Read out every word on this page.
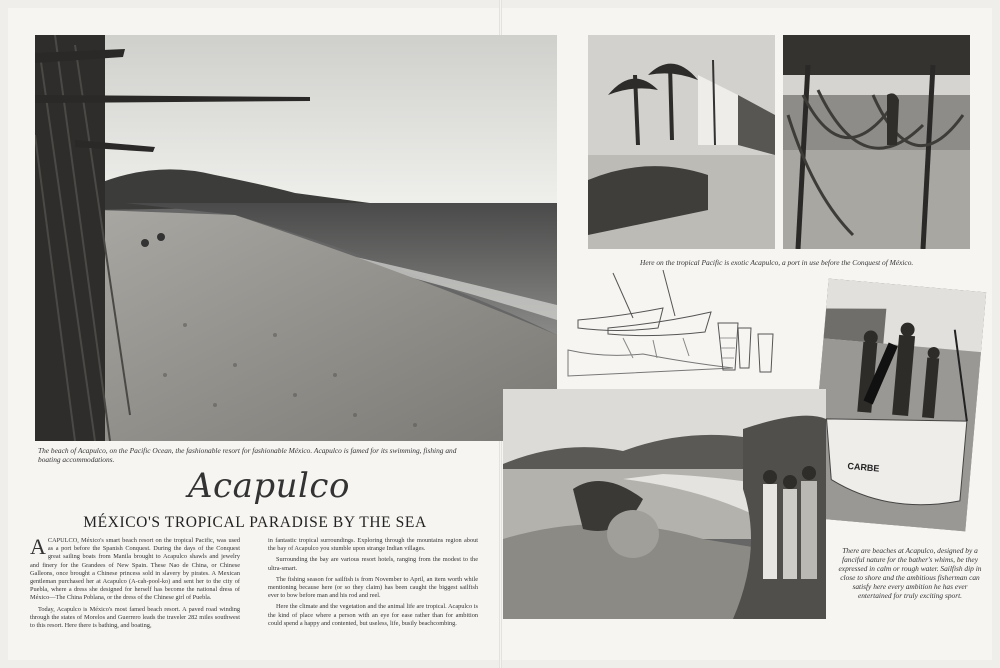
The beach of Acapulco, on the Pacific Ocean, the fashionable resort for fashionable México. Acapulco is famed for its swimming, fishing and boating accommodations.
Here on the tropical Pacific is exotic Acapulco, a port in use before the Conquest of México.
CARBE
There are beaches at Acapulco, designed by a fanciful nature for the bather's whims, be they expressed in calm or rough water. Sailfish dip in close to shore and the ambitious fisherman can satisfy here every ambition he has ever entertained for truly exciting sport.
Acapulco
MÉXICO'S TROPICAL PARADISE BY THE SEA

ACAPULCO, México's smart beach resort on the tropical Pacific, was used as a port before the Spanish Conquest. During the days of the Conquest great sailing boats from Manila brought to Acapulco shawls and jewelry and finery for the Grandees of New Spain. These Nao de China, or Chinese Galleons, once brought a Chinese princess sold in slavery by pirates. A Mexican gentleman purchased her at Acapulco (A-cah-pool-ko) and sent her to the city of Puebla, where a dress she designed for herself has become the national dress of México—The China Poblana, or the dress of the Chinese girl of Puebla.

Today, Acapulco is México's most famed beach resort. A paved road winding through the states of Morelos and Guerrero leads the traveler 282 miles southwest to this resort. Here there is bathing, and boating,

in fantastic tropical surroundings. Exploring through the mountains region about the bay of Acapulco you stumble upon strange Indian villages.

Surrounding the bay are various resort hotels, ranging from the modest to the ultra-smart.

The fishing season for sailfish is from November to April, an item worth while mentioning because here (or so they claim) has been caught the biggest sailfish ever to bow before man and his rod and reel.

Here the climate and the vegetation and the animal life are tropical. Acapulco is the kind of place where a person with an eye for ease rather than for ambition could spend a happy and contented, but useless, life, busily beachcombing.
